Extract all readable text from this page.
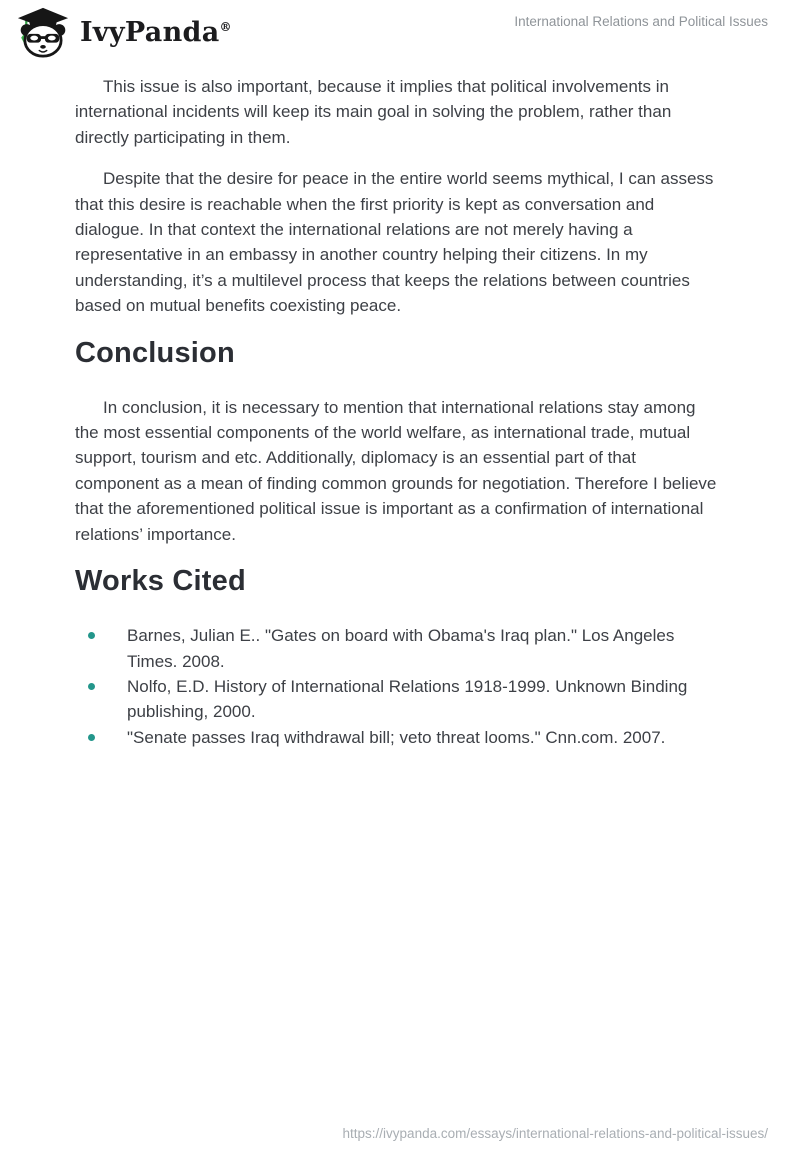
IvyPanda®	International Relations and Political Issues

This issue is also important, because it implies that political involvements in international incidents will keep its main goal in solving the problem, rather than directly participating in them.

Despite that the desire for peace in the entire world seems mythical, I can assess that this desire is reachable when the first priority is kept as conversation and dialogue. In that context the international relations are not merely having a representative in an embassy in another country helping their citizens. In my understanding, it’s a multilevel process that keeps the relations between countries based on mutual benefits coexisting peace.

Conclusion

In conclusion, it is necessary to mention that international relations stay among the most essential components of the world welfare, as international trade, mutual support, tourism and etc. Additionally, diplomacy is an essential part of that component as a mean of finding common grounds for negotiation. Therefore I believe that the aforementioned political issue is important as a confirmation of international relations’ importance.

Works Cited
Barnes, Julian E.. "Gates on board with Obama's Iraq plan." Los Angeles Times. 2008.
Nolfo, E.D. History of International Relations 1918-1999. Unknown Binding publishing, 2000.
"Senate passes Iraq withdrawal bill; veto threat looms." Cnn.com. 2007.
https://ivypanda.com/essays/international-relations-and-political-issues/
